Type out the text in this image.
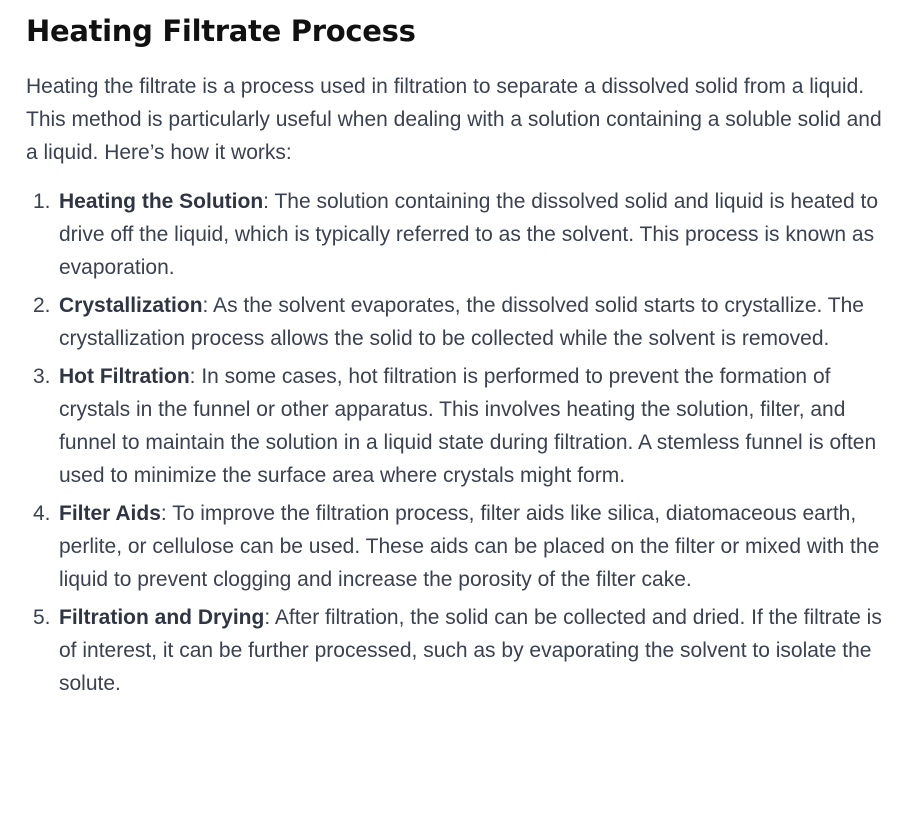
Heating Filtrate Process

Heating the filtrate is a process used in filtration to separate a dissolved solid from a liquid. This method is particularly useful when dealing with a solution containing a soluble solid and a liquid. Here’s how it works:

1. Heating the Solution: The solution containing the dissolved solid and liquid is heated to drive off the liquid, which is typically referred to as the solvent. This process is known as evaporation.
2. Crystallization: As the solvent evaporates, the dissolved solid starts to crystallize. The crystallization process allows the solid to be collected while the solvent is removed.
3. Hot Filtration: In some cases, hot filtration is performed to prevent the formation of crystals in the funnel or other apparatus. This involves heating the solution, filter, and funnel to maintain the solution in a liquid state during filtration. A stemless funnel is often used to minimize the surface area where crystals might form.
4. Filter Aids: To improve the filtration process, filter aids like silica, diatomaceous earth, perlite, or cellulose can be used. These aids can be placed on the filter or mixed with the liquid to prevent clogging and increase the porosity of the filter cake.
5. Filtration and Drying: After filtration, the solid can be collected and dried. If the filtrate is of interest, it can be further processed, such as by evaporating the solvent to isolate the solute.
